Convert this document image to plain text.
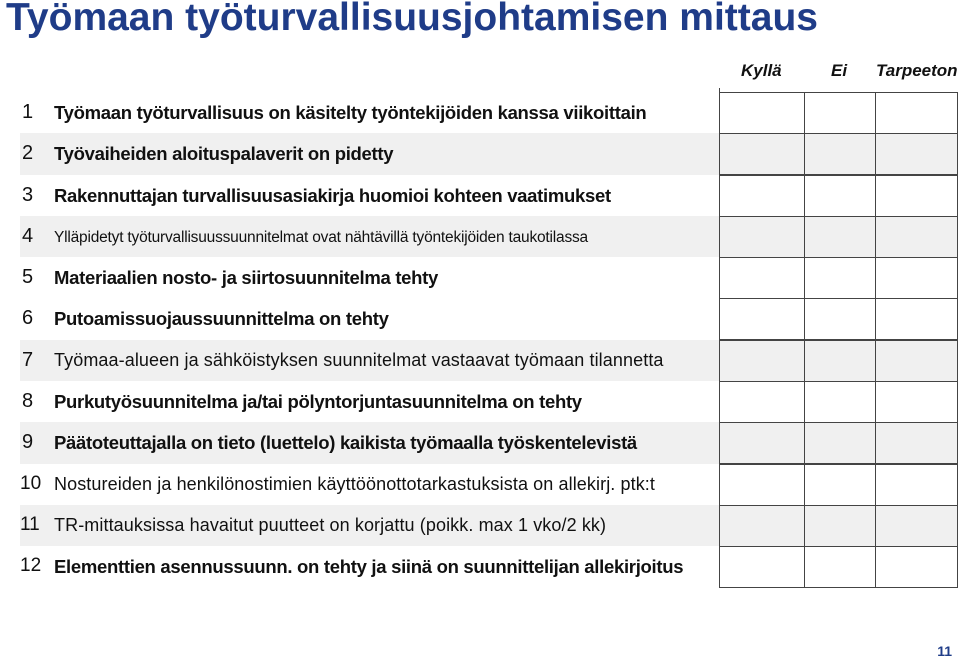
Työmaan työturvallisuusjohtamisen mittaus
Kyllä	Ei Tarpeeton
1 Työmaan työturvallisuus on käsitelty työntekijöiden kanssa viikoittain
2 Työvaiheiden aloituspalaverit on pidetty
3 Rakennuttajan turvallisuusasiakirja huomioi kohteen vaatimukset
4 Ylläpidetyt työturvallisuussuunnitelmat ovat nähtävillä työntekijöiden taukotilassa
5 Materiaalien nosto- ja siirtosuunnitelma tehty
6 Putoamissuojaussuunnittelma on tehty
7 Työmaa-alueen ja sähköistyksen suunnitelmat vastaavat työmaan tilannetta
8 Purkutyösuunnitelma ja/tai pölyntorjuntasuunnitelma on tehty
9 Päätoteuttajalla on tieto (luettelo) kaikista työmaalla työskentelevistä
10 Nostureiden ja henkilönostimien käyttöönottotarkastuksista on allekirj. ptk:t
11 TR-mittauksissa havaitut puutteet on korjattu (poikk. max 1 vko/2 kk)
12 Elementtien asennussuunn. on tehty ja siinä on suunnittelijan allekirjoitus
11
